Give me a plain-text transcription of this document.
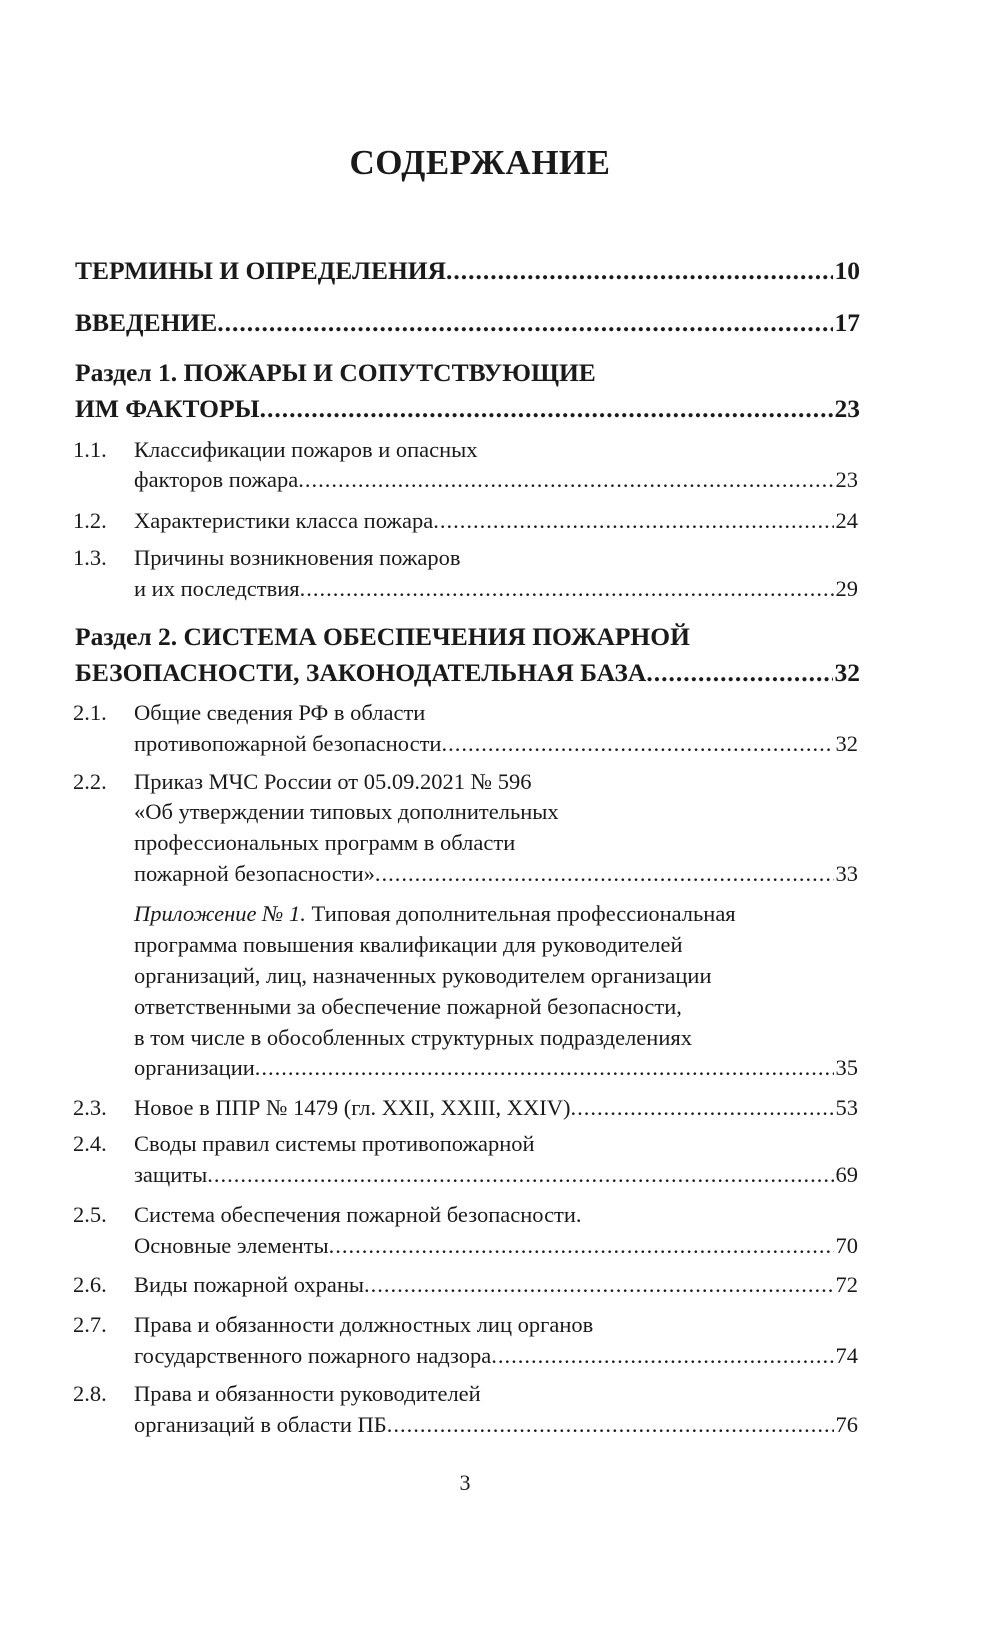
СОДЕРЖАНИЕ
ТЕРМИНЫ И ОПРЕДЕЛЕНИЯ .....	10
ВВЕДЕНИЕ .....	17
Раздел 1. ПОЖАРЫ И СОПУТСТВУЮЩИЕ
ИМ ФАКТОРЫ .....	23
1.1. Классификации пожаров и опасных
факторов пожара .....	23
1.2. Характеристики класса пожара .....	24
1.3. Причины возникновения пожаров
и их последствия .....	29
Раздел 2. СИСТЕМА ОБЕСПЕЧЕНИЯ ПОЖАРНОЙ
БЕЗОПАСНОСТИ, ЗАКОНОДАТЕЛЬНАЯ БАЗА .....	32
2.1. Общие сведения РФ в области
противопожарной безопасности .....	32
2.2. Приказ МЧС России от 05.09.2021 № 596
«Об утверждении типовых дополнительных
профессиональных программ в области
пожарной безопасности» .....	33
Приложение № 1. Типовая дополнительная профессиональная
программа повышения квалификации для руководителей
организаций, лиц, назначенных руководителем организации
ответственными за обеспечение пожарной безопасности,
в том числе в обособленных структурных подразделениях
организации .....	35
2.3. Новое в ППР № 1479 (гл. XXII, XXIII, XXIV) .....	53
2.4. Своды правил системы противопожарной
защиты .....	69
2.5. Система обеспечения пожарной безопасности.
Основные элементы .....	70
2.6. Виды пожарной охраны .....	72
2.7. Права и обязанности должностных лиц органов
государственного пожарного надзора .....	74
2.8. Права и обязанности руководителей
организаций в области ПБ .....	76
3
